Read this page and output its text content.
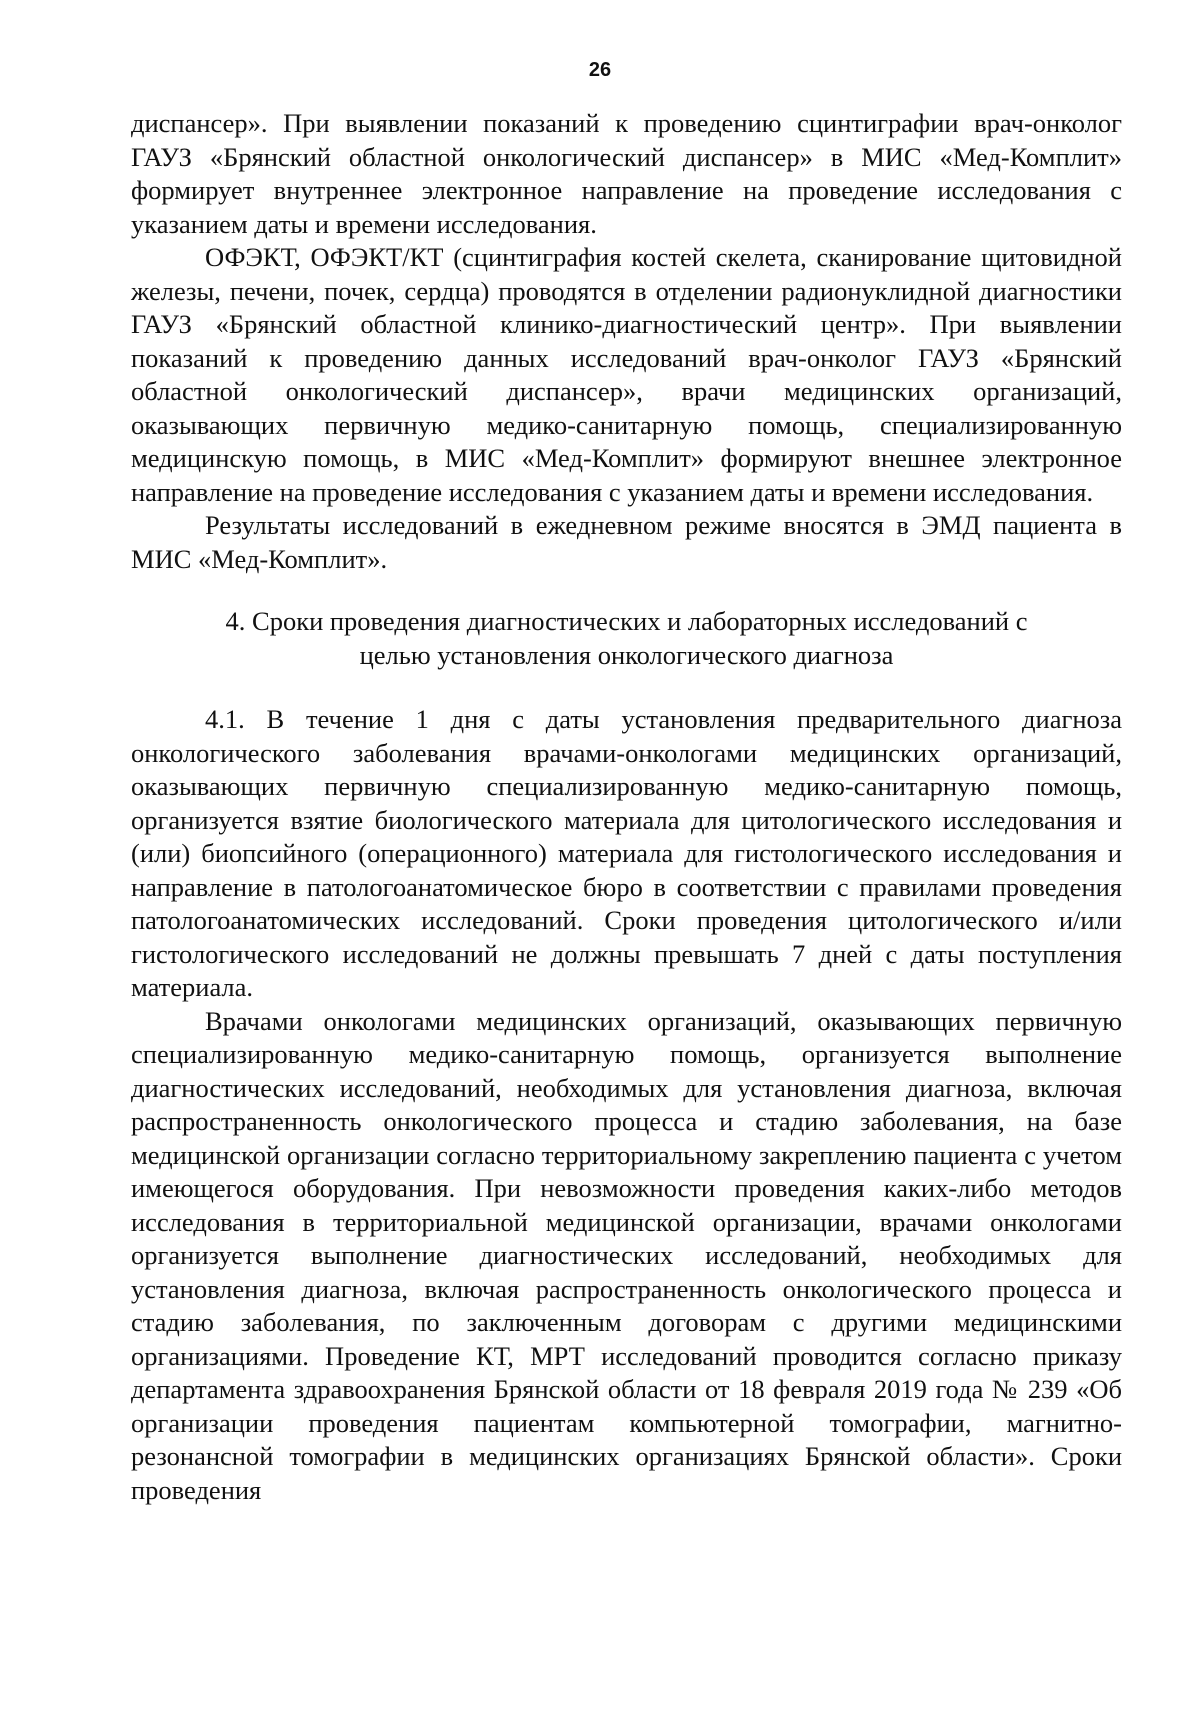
26

диспансер». При выявлении показаний к проведению сцинтиграфии врач-онколог ГАУЗ «Брянский областной онкологический диспансер» в МИС «Мед-Комплит» формирует внутреннее электронное направление на проведение исследования с указанием даты и времени исследования.

ОФЭКТ, ОФЭКТ/КТ (сцинтиграфия костей скелета, сканирование щитовидной железы, печени, почек, сердца) проводятся в отделении радионуклидной диагностики ГАУЗ «Брянский областной клинико-диагностический центр». При выявлении показаний к проведению данных исследований врач-онколог ГАУЗ «Брянский областной онкологический диспансер», врачи медицинских организаций, оказывающих первичную медико-санитарную помощь, специализированную медицинскую помощь, в МИС «Мед-Комплит» формируют внешнее электронное направление на проведение исследования с указанием даты и времени исследования.

Результаты исследований в ежедневном режиме вносятся в ЭМД пациента в МИС «Мед-Комплит».

4. Сроки проведения диагностических и лабораторных исследований с
целью установления онкологического диагноза

4.1. В течение 1 дня с даты установления предварительного диагноза онкологического заболевания врачами-онкологами медицинских организаций, оказывающих первичную специализированную медико-санитарную помощь, организуется взятие биологического материала для цитологического исследования и (или) биопсийного (операционного) материала для гистологического исследования и направление в патологоанатомическое бюро в соответствии с правилами проведения патологоанатомических исследований. Сроки проведения цитологического и/или гистологического исследований не должны превышать 7 дней с даты поступления материала.

Врачами онкологами медицинских организаций, оказывающих первичную специализированную медико-санитарную помощь, организуется выполнение диагностических исследований, необходимых для установления диагноза, включая распространенность онкологического процесса и стадию заболевания, на базе медицинской организации согласно территориальному закреплению пациента с учетом имеющегося оборудования. При невозможности проведения каких-либо методов исследования в территориальной медицинской организации, врачами онкологами организуется выполнение диагностических исследований, необходимых для установления диагноза, включая распространенность онкологического процесса и стадию заболевания, по заключенным договорам с другими медицинскими организациями. Проведение КТ, МРТ исследований проводится согласно приказу департамента здравоохранения Брянской области от 18 февраля 2019 года № 239 «Об организации проведения пациентам компьютерной томографии, магнитно-резонансной томографии в медицинских организациях Брянской области». Сроки проведения
